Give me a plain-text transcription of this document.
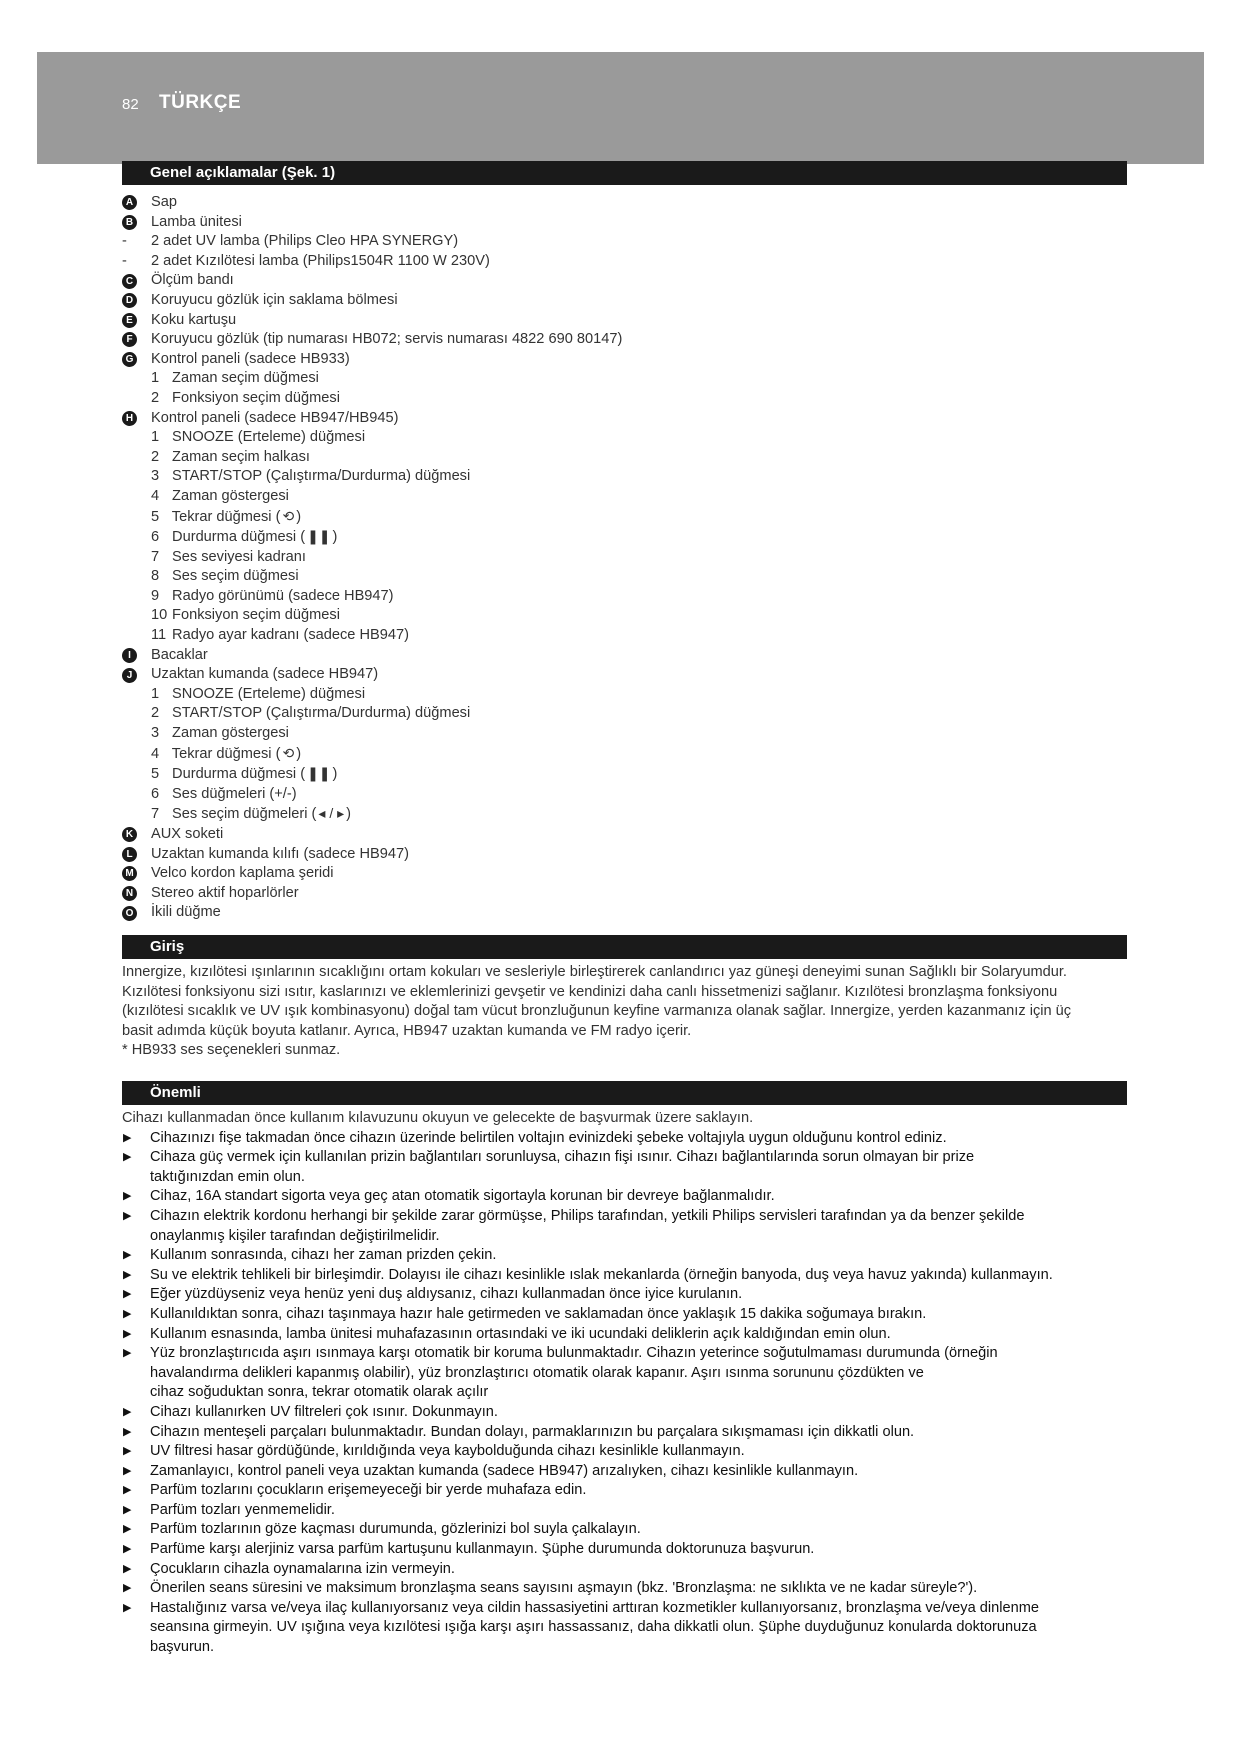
82 TÜRKÇE
Genel açıklamalar (Şek. 1)
A Sap
B Lamba ünitesi
-	2 adet UV lamba (Philips Cleo HPA SYNERGY)
-	2 adet Kızılötesi lamba (Philips1504R 1100 W 230V)
C Ölçüm bandı
D Koruyucu gözlük için saklama bölmesi
E Koku kartuşu
F	Koruyucu gözlük (tip numarası HB072; servis numarası 4822 690 80147)
G Kontrol paneli (sadece HB933)
1 Zaman seçim düğmesi
2 Fonksiyon seçim düğmesi
H Kontrol paneli (sadece HB947/HB945)
1 SNOOZE (Erteleme) düğmesi
2 Zaman seçim halkası
3 START/STOP (Çalıştırma/Durdurma) düğmesi
4 Zaman göstergesi
5 Tekrar düğmesi (⟲ )
6 Durdurma düğmesi (❚❚ )
7 Ses seviyesi kadranı
8 Ses seçim düğmesi
9 Radyo görünümü (sadece HB947)
10 Fonksiyon seçim düğmesi
11 Radyo ayar kadranı (sadece HB947)
I	Bacaklar
J	Uzaktan kumanda (sadece HB947)
1 SNOOZE (Erteleme) düğmesi
2 START/STOP (Çalıştırma/Durdurma) düğmesi
3 Zaman göstergesi
4 Tekrar düğmesi (⟲ )
5 Durdurma düğmesi (❚❚ )
6 Ses düğmeleri (+/-)
7 Ses seçim düğmeleri (◂ / ▸ )
K AUX soketi
L	Uzaktan kumanda kılıfı (sadece HB947)
M Velco kordon kaplama şeridi
N Stereo aktif hoparlörler
O İkili düğme
Giriş
Innergize, kızılötesi ışınlarının sıcaklığını ortam kokuları ve sesleriyle birleştirerek canlandırıcı yaz güneşi deneyimi sunan Sağlıklı bir Solaryumdur.
Kızılötesi fonksiyonu sizi ısıtır, kaslarınızı ve eklemlerinizi gevşetir ve kendinizi daha canlı hissetmenizi sağlanır. Kızılötesi bronzlaşma fonksiyonu
(kızılötesi sıcaklık ve UV ışık kombinasyonu) doğal tam vücut bronzluğunun keyfine varmanıza olanak sağlar. Innergize, yerden kazanmanız için üç
basit adımda küçük boyuta katlanır. Ayrıca, HB947 uzaktan kumanda ve FM radyo içerir.
* HB933 ses seçenekleri sunmaz.
Önemli
Cihazı kullanmadan önce kullanım kılavuzunu okuyun ve gelecekte de başvurmak üzere saklayın.
▶	Cihazınızı fişe takmadan önce cihazın üzerinde belirtilen voltajın evinizdeki şebeke voltajıyla uygun olduğunu kontrol ediniz.
▶	Cihaza güç vermek için kullanılan prizin bağlantıları sorunluysa, cihazın fişi ısınır. Cihazı bağlantılarında sorun olmayan bir prize
taktığınızdan emin olun.
▶	Cihaz, 16A standart sigorta veya geç atan otomatik sigortayla korunan bir devreye bağlanmalıdır.
▶	Cihazın elektrik kordonu herhangi bir şekilde zarar görmüşse, Philips tarafından, yetkili Philips servisleri tarafından ya da benzer şekilde
onaylanmış kişiler tarafından değiştirilmelidir.
▶	Kullanım sonrasında, cihazı her zaman prizden çekin.
▶	Su ve elektrik tehlikeli bir birleşimdir. Dolayısı ile cihazı kesinlikle ıslak mekanlarda (örneğin banyoda, duş veya havuz yakında) kullanmayın.
▶	Eğer yüzdüyseniz veya henüz yeni duş aldıysanız, cihazı kullanmadan önce iyice kurulanın.
▶	Kullanıldıktan sonra, cihazı taşınmaya hazır hale getirmeden ve saklamadan önce yaklaşık 15 dakika soğumaya bırakın.
▶	Kullanım esnasında, lamba ünitesi muhafazasının ortasındaki ve iki ucundaki deliklerin açık kaldığından emin olun.
▶	Yüz bronzlaştırıcıda aşırı ısınmaya karşı otomatik bir koruma bulunmaktadır. Cihazın yeterince soğutulmaması durumunda (örneğin
havalandırma delikleri kapanmış olabilir), yüz bronzlaştırıcı otomatik olarak kapanır. Aşırı ısınma sorununu çözdükten ve
cihaz soğuduktan sonra, tekrar otomatik olarak açılır
▶	Cihazı kullanırken UV filtreleri çok ısınır. Dokunmayın.
▶	Cihazın menteşeli parçaları bulunmaktadır. Bundan dolayı, parmaklarınızın bu parçalara sıkışmaması için dikkatli olun.
▶	UV filtresi hasar gördüğünde, kırıldığında veya kaybolduğunda cihazı kesinlikle kullanmayın.
▶	Zamanlayıcı, kontrol paneli veya uzaktan kumanda (sadece HB947) arızalıyken, cihazı kesinlikle kullanmayın.
▶	Parfüm tozlarını çocukların erişemeyeceği bir yerde muhafaza edin.
▶	Parfüm tozları yenmemelidir.
▶	Parfüm tozlarının göze kaçması durumunda, gözlerinizi bol suyla çalkalayın.
▶	Parfüme karşı alerjiniz varsa parfüm kartuşunu kullanmayın. Şüphe durumunda doktorunuza başvurun.
▶	Çocukların cihazla oynamalarına izin vermeyin.
▶	Önerilen seans süresini ve maksimum bronzlaşma seans sayısını aşmayın (bkz. 'Bronzlaşma: ne sıklıkta ve ne kadar süreyle?').
▶	Hastalığınız varsa ve/veya ilaç kullanıyorsanız veya cildin hassasiyetini arttıran kozmetikler kullanıyorsanız, bronzlaşma ve/veya dinlenme
seansına girmeyin. UV ışığına veya kızılötesi ışığa karşı aşırı hassassanız, daha dikkatli olun. Şüphe duyduğunuz konularda doktorunuza
başvurun.
